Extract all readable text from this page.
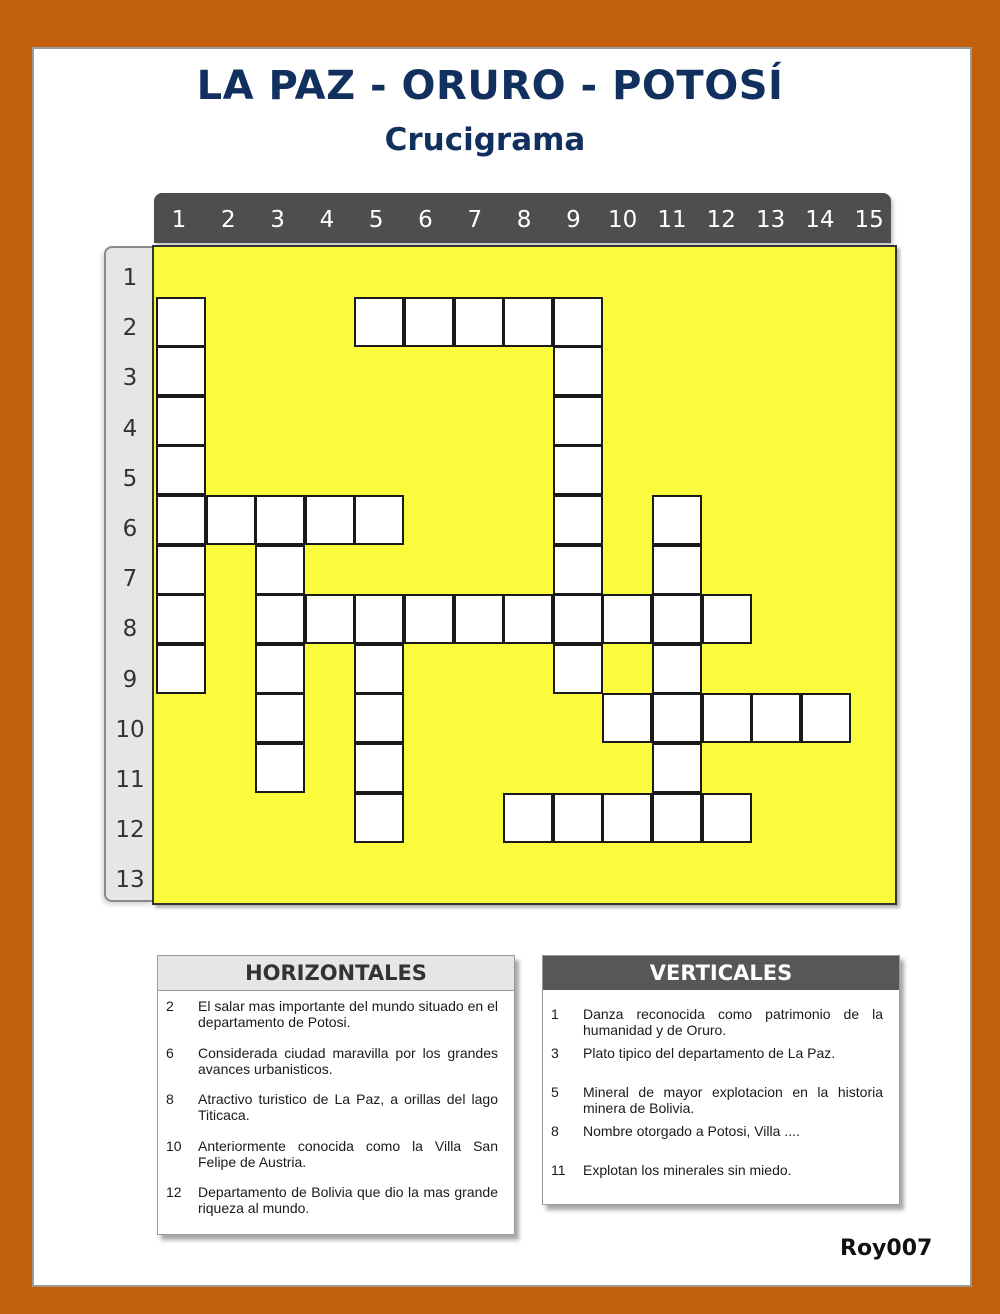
LA PAZ - ORURO - POTOSÍ
Crucigrama
1	2	3	4	5	6	7	8	9	10 11 12 13 14 15
1
2
3
4
5
6
7
8
9
10
11
12
13
HORIZONTALES
2	El salar mas importante del mundo situado en el departamento de Potosi.
6	Considerada ciudad maravilla por los grandes avances urbanisticos.
8	Atractivo turistico de La Paz, a orillas del lago Titicaca.
10	Anteriormente conocida como la Villa San Felipe de Austria.
12	Departamento de Bolivia que dio la mas grande riqueza al mundo.
VERTICALES
1	Danza reconocida como patrimonio de la humanidad y de Oruro.
3	Plato tipico del departamento de La Paz.
5	Mineral de mayor explotacion en la historia minera de Bolivia.
8	Nombre otorgado a Potosi, Villa ....
11	Explotan los minerales sin miedo.
Roy007
